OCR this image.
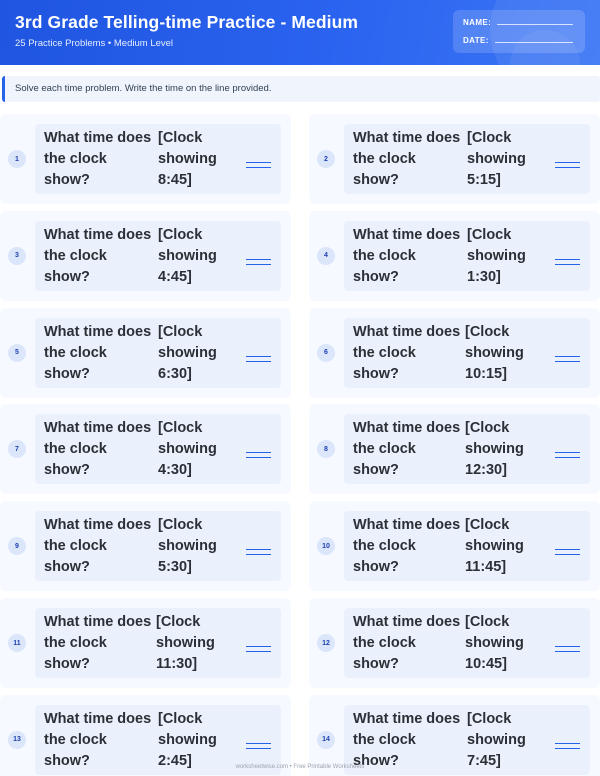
3rd Grade Telling-time Practice - Medium
25 Practice Problems • Medium Level
NAME:
DATE:
Solve each time problem. Write the time on the line provided.
1
What time does the clock show?
[Clock showing 8:45]
2
What time does the clock show?
[Clock showing 5:15]
3
What time does the clock show?
[Clock showing 4:45]
4
What time does the clock show?
[Clock showing 1:30]
5
What time does the clock show?
[Clock showing 6:30]
6
What time does the clock show?
[Clock showing 10:15]
7
What time does the clock show?
[Clock showing 4:30]
8
What time does the clock show?
[Clock showing 12:30]
9
What time does the clock show?
[Clock showing 5:30]
10
What time does the clock show?
[Clock showing 11:45]
11
What time does the clock show?
[Clock showing 11:30]
12
What time does the clock show?
[Clock showing 10:45]
13
What time does the clock show?
[Clock showing 2:45]
14
What time does the clock show?
[Clock showing 7:45]
worksheetwise.com • Free Printable Worksheets
